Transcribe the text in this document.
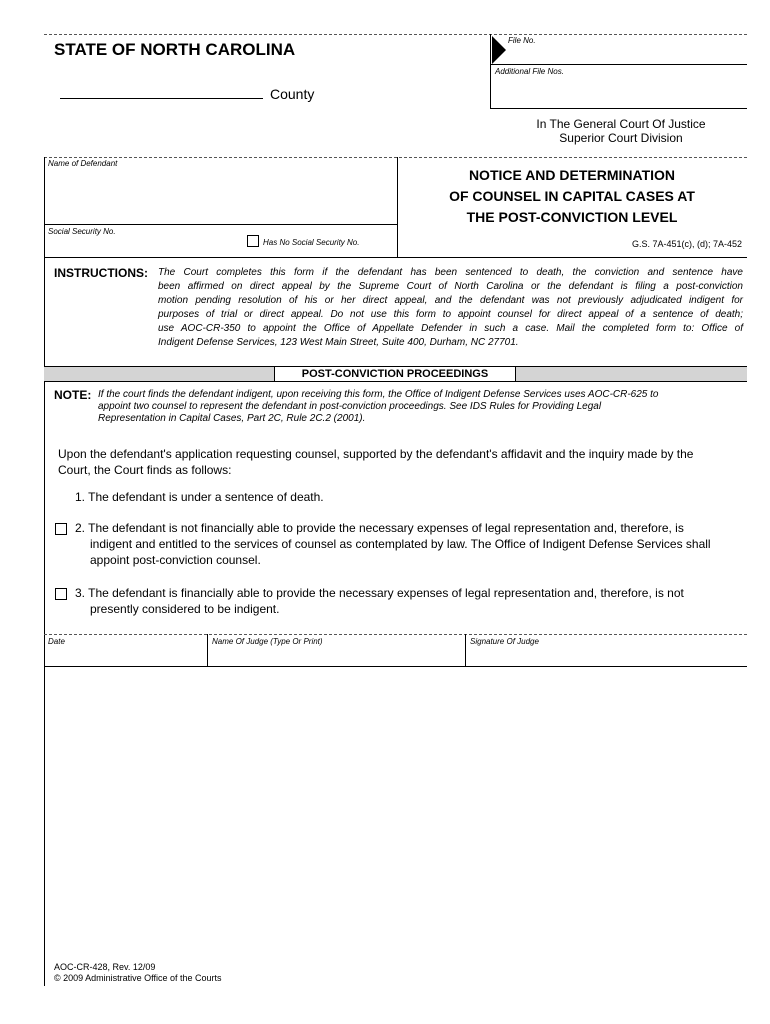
STATE OF NORTH CAROLINA
County
File No.
Additional File Nos.
In The General Court Of Justice
Superior Court Division
Name of Defendant
Social Security No.
Has No Social Security No.
NOTICE AND DETERMINATION
OF COUNSEL IN CAPITAL CASES AT
THE POST-CONVICTION LEVEL
G.S. 7A-451(c), (d); 7A-452
INSTRUCTIONS: The Court completes this form if the defendant has been sentenced to death, the conviction and sentence have
been affirmed on direct appeal by the Supreme Court of North Carolina or the defendant is filing a post-conviction
motion pending resolution of his or her direct appeal, and the defendant was not previously adjudicated indigent for
purposes of trial or direct appeal. Do not use this form to appoint counsel for direct appeal of a sentence of death;
use AOC-CR-350 to appoint the Office of Appellate Defender in such a case. Mail the completed form to: Office of
Indigent Defense Services, 123 West Main Street, Suite 400, Durham, NC 27701.
POST-CONVICTION PROCEEDINGS
NOTE: If the court finds the defendant indigent, upon receiving this form, the Office of Indigent Defense Services uses AOC-CR-625 to
appoint two counsel to represent the defendant in post-conviction proceedings. See IDS Rules for Providing Legal
Representation in Capital Cases, Part 2C, Rule 2C.2 (2001).
Upon the defendant's application requesting counsel, supported by the defendant's affidavit and the inquiry made by the
Court, the Court finds as follows:
1. The defendant is under a sentence of death.
2. The defendant is not financially able to provide the necessary expenses of legal representation and, therefore, is
indigent and entitled to the services of counsel as contemplated by law. The Office of Indigent Defense Services shall
appoint post-conviction counsel.
3. The defendant is financially able to provide the necessary expenses of legal representation and, therefore, is not
presently considered to be indigent.
Date	Name Of Judge (Type Or Print)	Signature Of Judge
AOC-CR-428, Rev. 12/09
© 2009 Administrative Office of the Courts
